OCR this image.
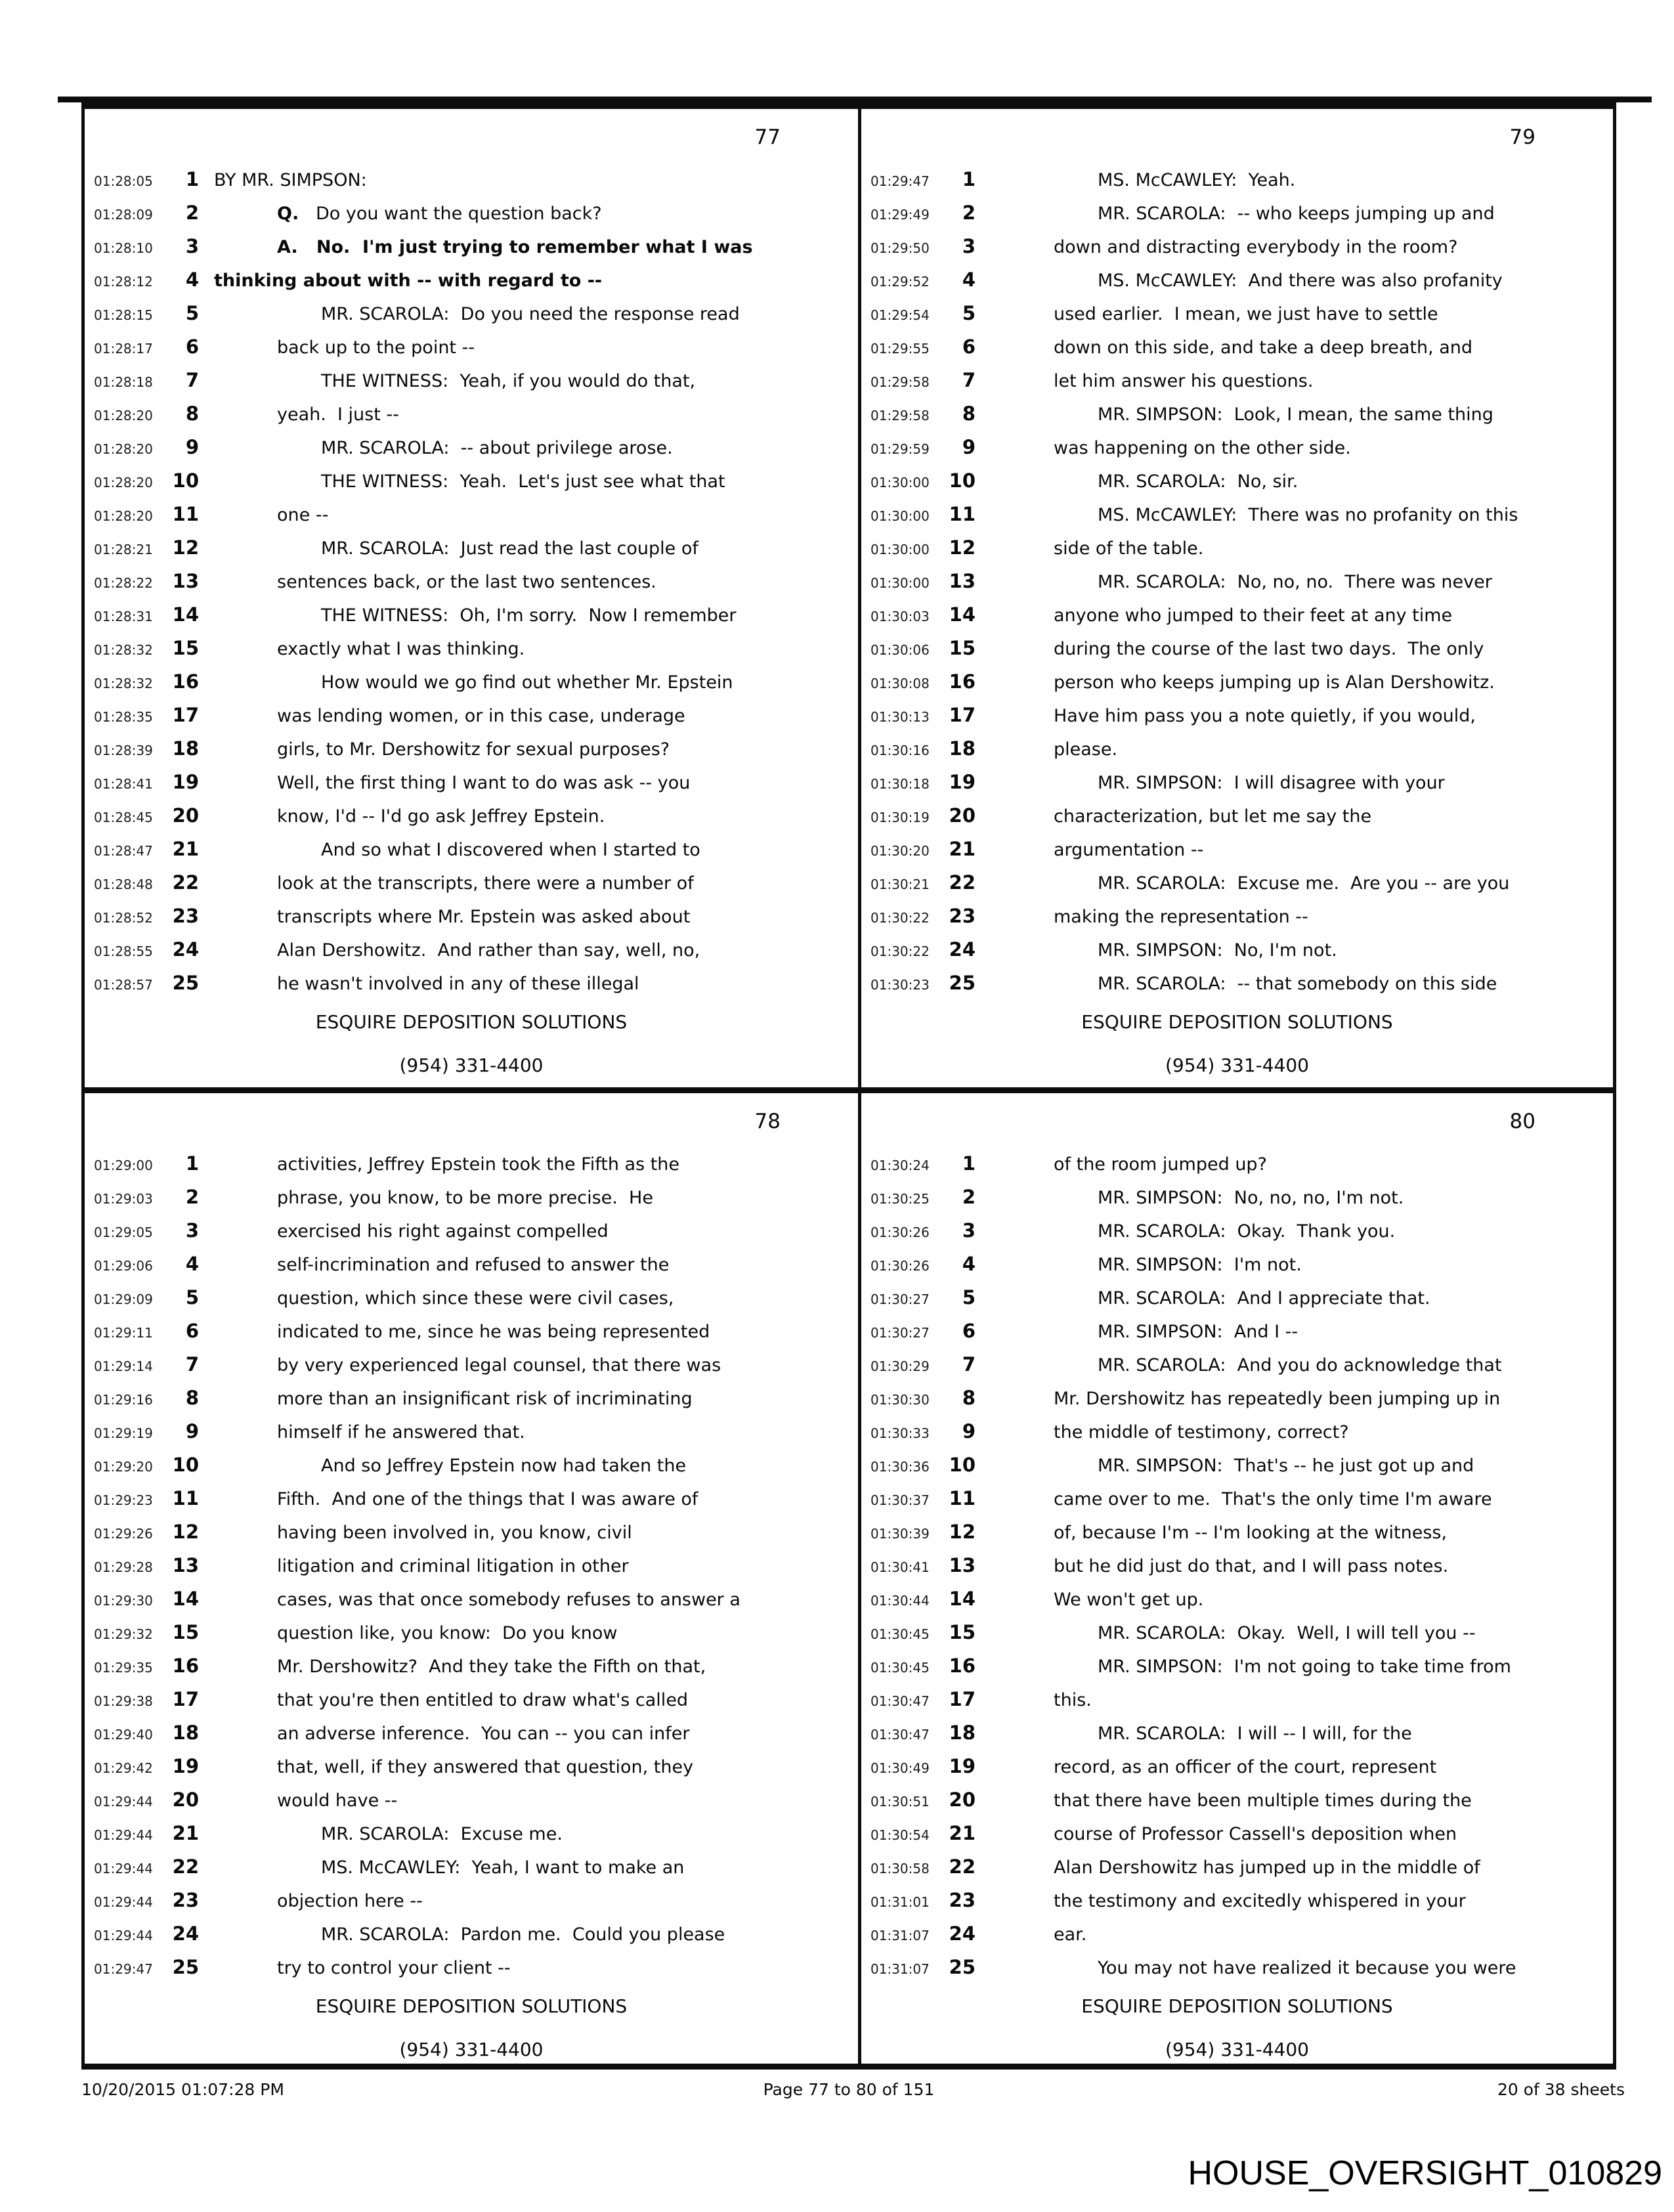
77
01:28:05	1 BY MR. SIMPSON:
01:28:09	2	Q. Do you want the question back?
01:28:10	3	A. No.  I'm just trying to remember what I was
01:28:12	4 thinking about with -- with regard to --
01:28:15	5	MR. SCAROLA:  Do you need the response read
01:28:17	6	back up to the point --
01:28:18	7	THE WITNESS:  Yeah, if you would do that,
01:28:20	8	yeah.  I just --
01:28:20	9	MR. SCAROLA:  -- about privilege arose.
01:28:20	10	THE WITNESS:  Yeah.  Let's just see what that
01:28:20	11	one --
01:28:21	12	MR. SCAROLA:  Just read the last couple of
01:28:22	13	sentences back, or the last two sentences.
01:28:31	14	THE WITNESS:  Oh, I'm sorry.  Now I remember
01:28:32	15	exactly what I was thinking.
01:28:32	16	How would we go find out whether Mr. Epstein
01:28:35	17	was lending women, or in this case, underage
01:28:39	18	girls, to Mr. Dershowitz for sexual purposes?
01:28:41	19	Well, the first thing I want to do was ask -- you
01:28:45	20	know, I'd -- I'd go ask Jeffrey Epstein.
01:28:47	21	And so what I discovered when I started to
01:28:48	22	look at the transcripts, there were a number of
01:28:52	23	transcripts where Mr. Epstein was asked about
01:28:55	24	Alan Dershowitz.  And rather than say, well, no,
01:28:57	25	he wasn't involved in any of these illegal
ESQUIRE DEPOSITION SOLUTIONS
(954) 331-4400
79
01:29:47	1	MS. McCAWLEY:  Yeah.
01:29:49	2	MR. SCAROLA:  -- who keeps jumping up and
01:29:50	3	down and distracting everybody in the room?
01:29:52	4	MS. McCAWLEY:  And there was also profanity
01:29:54	5	used earlier.  I mean, we just have to settle
01:29:55	6	down on this side, and take a deep breath, and
01:29:58	7	let him answer his questions.
01:29:58	8	MR. SIMPSON:  Look, I mean, the same thing
01:29:59	9	was happening on the other side.
01:30:00	10	MR. SCAROLA:  No, sir.
01:30:00	11	MS. McCAWLEY:  There was no profanity on this
01:30:00	12	side of the table.
01:30:00	13	MR. SCAROLA:  No, no, no.  There was never
01:30:03	14	anyone who jumped to their feet at any time
01:30:06	15	during the course of the last two days.  The only
01:30:08	16	person who keeps jumping up is Alan Dershowitz.
01:30:13	17	Have him pass you a note quietly, if you would,
01:30:16	18	please.
01:30:18	19	MR. SIMPSON:  I will disagree with your
01:30:19	20	characterization, but let me say the
01:30:20	21	argumentation --
01:30:21	22	MR. SCAROLA:  Excuse me.  Are you -- are you
01:30:22	23	making the representation --
01:30:22	24	MR. SIMPSON:  No, I'm not.
01:30:23	25	MR. SCAROLA:  -- that somebody on this side
ESQUIRE DEPOSITION SOLUTIONS
(954) 331-4400
78
01:29:00	1	activities, Jeffrey Epstein took the Fifth as the
01:29:03	2	phrase, you know, to be more precise.  He
01:29:05	3	exercised his right against compelled
01:29:06	4	self-incrimination and refused to answer the
01:29:09	5	question, which since these were civil cases,
01:29:11	6	indicated to me, since he was being represented
01:29:14	7	by very experienced legal counsel, that there was
01:29:16	8	more than an insignificant risk of incriminating
01:29:19	9	himself if he answered that.
01:29:20	10	And so Jeffrey Epstein now had taken the
01:29:23	11	Fifth.  And one of the things that I was aware of
01:29:26	12	having been involved in, you know, civil
01:29:28	13	litigation and criminal litigation in other
01:29:30	14	cases, was that once somebody refuses to answer a
01:29:32	15	question like, you know:  Do you know
01:29:35	16	Mr. Dershowitz?  And they take the Fifth on that,
01:29:38	17	that you're then entitled to draw what's called
01:29:40	18	an adverse inference.  You can -- you can infer
01:29:42	19	that, well, if they answered that question, they
01:29:44	20	would have --
01:29:44	21	MR. SCAROLA:  Excuse me.
01:29:44	22	MS. McCAWLEY:  Yeah, I want to make an
01:29:44	23	objection here --
01:29:44	24	MR. SCAROLA:  Pardon me.  Could you please
01:29:47	25	try to control your client --
ESQUIRE DEPOSITION SOLUTIONS
(954) 331-4400
80
01:30:24	1	of the room jumped up?
01:30:25	2	MR. SIMPSON:  No, no, no, I'm not.
01:30:26	3	MR. SCAROLA:  Okay.  Thank you.
01:30:26	4	MR. SIMPSON:  I'm not.
01:30:27	5	MR. SCAROLA:  And I appreciate that.
01:30:27	6	MR. SIMPSON:  And I --
01:30:29	7	MR. SCAROLA:  And you do acknowledge that
01:30:30	8	Mr. Dershowitz has repeatedly been jumping up in
01:30:33	9	the middle of testimony, correct?
01:30:36	10	MR. SIMPSON:  That's -- he just got up and
01:30:37	11	came over to me.  That's the only time I'm aware
01:30:39	12	of, because I'm -- I'm looking at the witness,
01:30:41	13	but he did just do that, and I will pass notes.
01:30:44	14	We won't get up.
01:30:45	15	MR. SCAROLA:  Okay.  Well, I will tell you --
01:30:45	16	MR. SIMPSON:  I'm not going to take time from
01:30:47	17	this.
01:30:47	18	MR. SCAROLA:  I will -- I will, for the
01:30:49	19	record, as an officer of the court, represent
01:30:51	20	that there have been multiple times during the
01:30:54	21	course of Professor Cassell's deposition when
01:30:58	22	Alan Dershowitz has jumped up in the middle of
01:31:01	23	the testimony and excitedly whispered in your
01:31:07	24	ear.
01:31:07	25	You may not have realized it because you were
ESQUIRE DEPOSITION SOLUTIONS
(954) 331-4400
10/20/2015 01:07:28 PM	Page 77 to 80 of 151	20 of 38 sheets
HOUSE_OVERSIGHT_010829
